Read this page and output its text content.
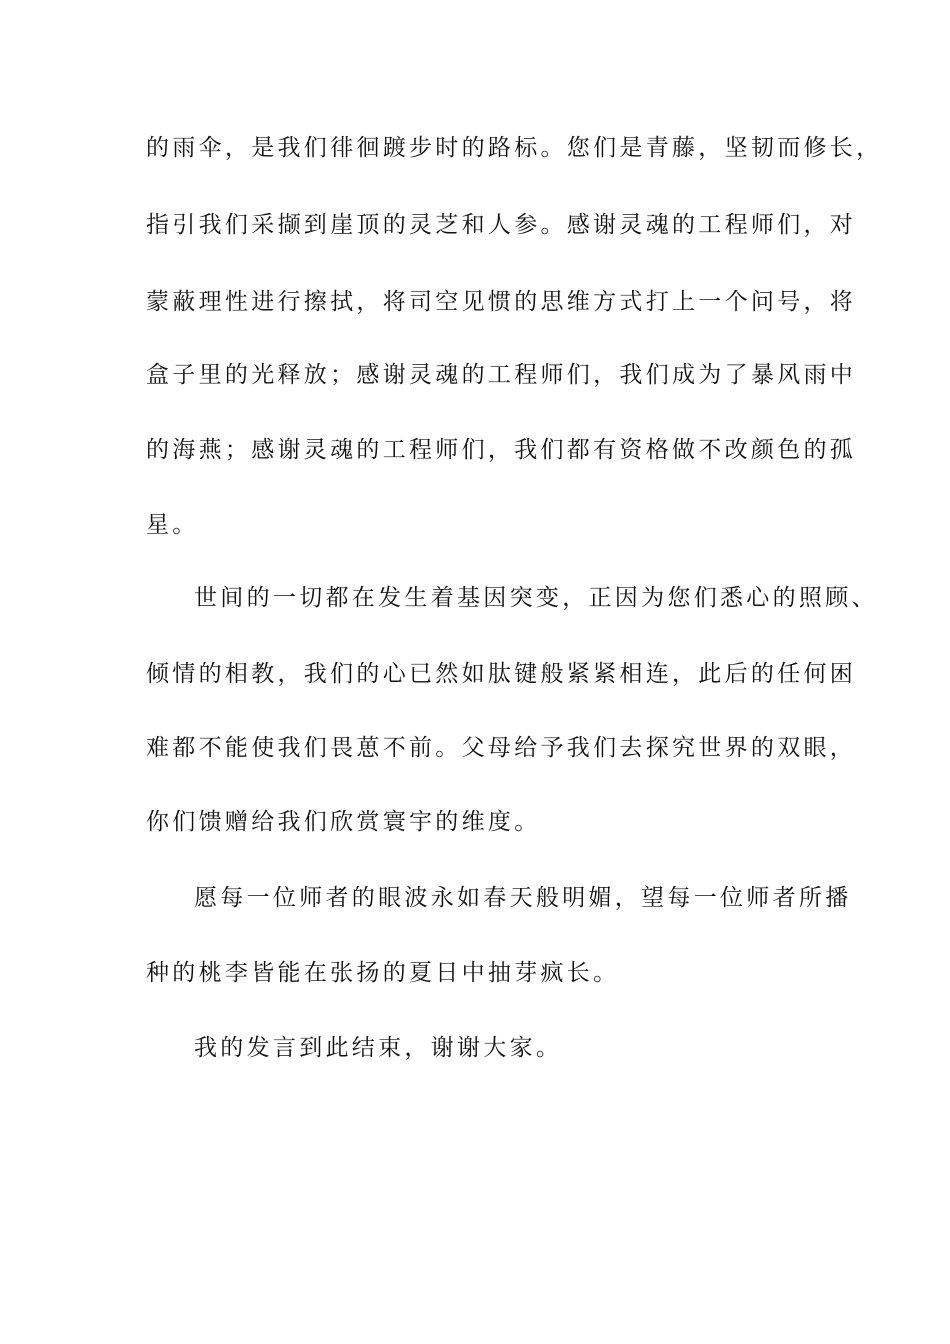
的雨伞，是我们徘徊踱步时的路标。您们是青藤，坚韧而修长，
指引我们采撷到崖顶的灵芝和人参。感谢灵魂的工程师们，对
蒙蔽理性进行擦拭，将司空见惯的思维方式打上一个问号，将
盒子里的光释放；感谢灵魂的工程师们，我们成为了暴风雨中
的海燕；感谢灵魂的工程师们，我们都有资格做不改颜色的孤
星。
世间的一切都在发生着基因突变，正因为您们悉心的照顾、
倾情的相教，我们的心已然如肽键般紧紧相连，此后的任何困
难都不能使我们畏葸不前。父母给予我们去探究世界的双眼，
你们馈赠给我们欣赏寰宇的维度。
愿每一位师者的眼波永如春天般明媚，望每一位师者所播
种的桃李皆能在张扬的夏日中抽芽疯长。
我的发言到此结束，谢谢大家。
